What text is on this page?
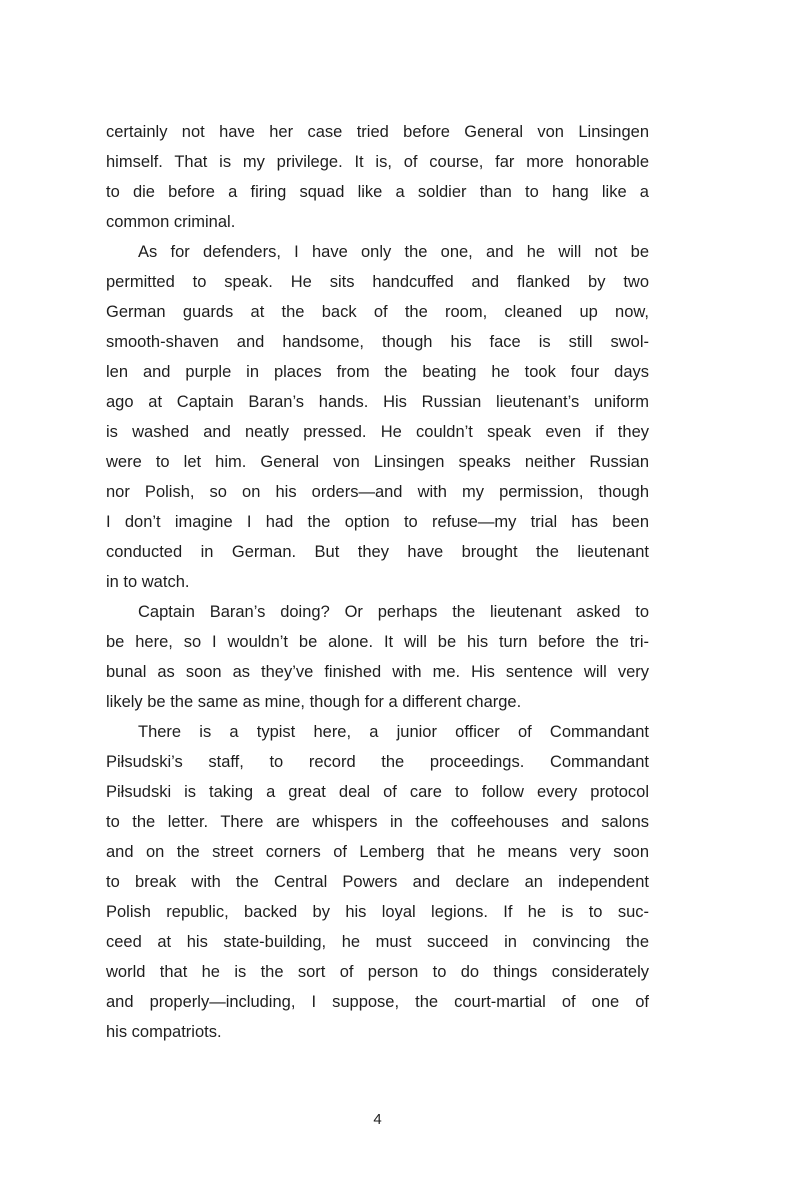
certainly not have her case tried before General von Linsingen
himself. That is my privilege. It is, of course, far more honorable
to die before a firing squad like a soldier than to hang like a
common criminal.
As for defenders, I have only the one, and he will not be
permitted to speak. He sits handcuffed and flanked by two
German guards at the back of the room, cleaned up now,
smooth-shaven and handsome, though his face is still swol-
len and purple in places from the beating he took four days
ago at Captain Baran’s hands. His Russian lieutenant’s uniform
is washed and neatly pressed. He couldn’t speak even if they
were to let him. General von Linsingen speaks neither Russian
nor Polish, so on his orders—and with my permission, though
I don’t imagine I had the option to refuse—my trial has been
conducted in German. But they have brought the lieutenant
in to watch.
Captain Baran’s doing? Or perhaps the lieutenant asked to
be here, so I wouldn’t be alone. It will be his turn before the tri-
bunal as soon as they’ve finished with me. His sentence will very
likely be the same as mine, though for a different charge.
There is a typist here, a junior officer of Commandant
Piłsudski’s staff, to record the proceedings. Commandant
Piłsudski is taking a great deal of care to follow every protocol
to the letter. There are whispers in the coffeehouses and salons
and on the street corners of Lemberg that he means very soon
to break with the Central Powers and declare an independent
Polish republic, backed by his loyal legions. If he is to suc-
ceed at his state-building, he must succeed in convincing the
world that he is the sort of person to do things considerately
and properly—including, I suppose, the court-martial of one of
his compatriots.
4
